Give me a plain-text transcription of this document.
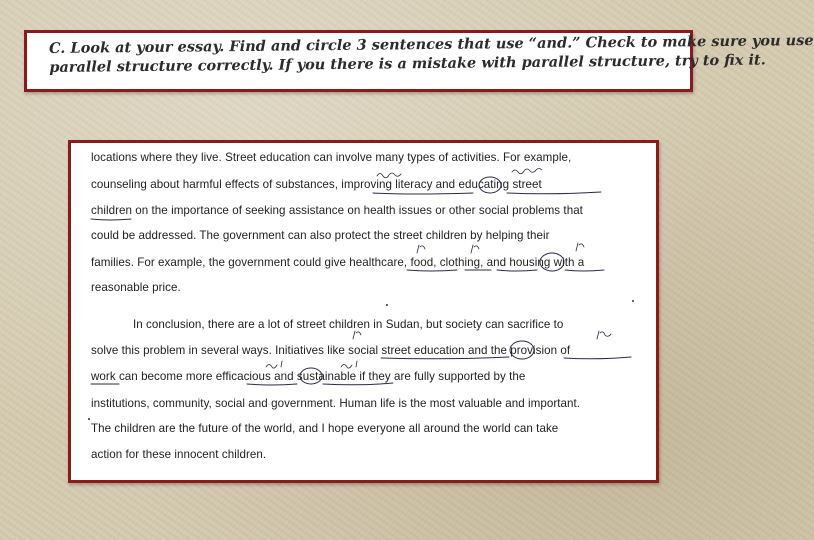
C. Look at your essay. Find and circle 3 sentences that use “and.” Check to make sure you use
parallel structure correctly. If you there is a mistake with parallel structure, try to fix it.
locations where they live. Street education can involve many types of activities. For example,
counseling about harmful effects of substances, improving literacy and educating street
children on the importance of seeking assistance on health issues or other social problems that
could be addressed. The government can also protect the street children by helping their
families. For example, the government could give healthcare, food, clothing, and housing with a
reasonable price.
In conclusion, there are a lot of street children in Sudan, but society can sacrifice to
solve this problem in several ways. Initiatives like social street education and the provision of
work can become more efficacious and sustainable if they are fully supported by the
institutions, community, social and government. Human life is the most valuable and important.
The children are the future of the world, and I hope everyone all around the world can take
action for these innocent children.
